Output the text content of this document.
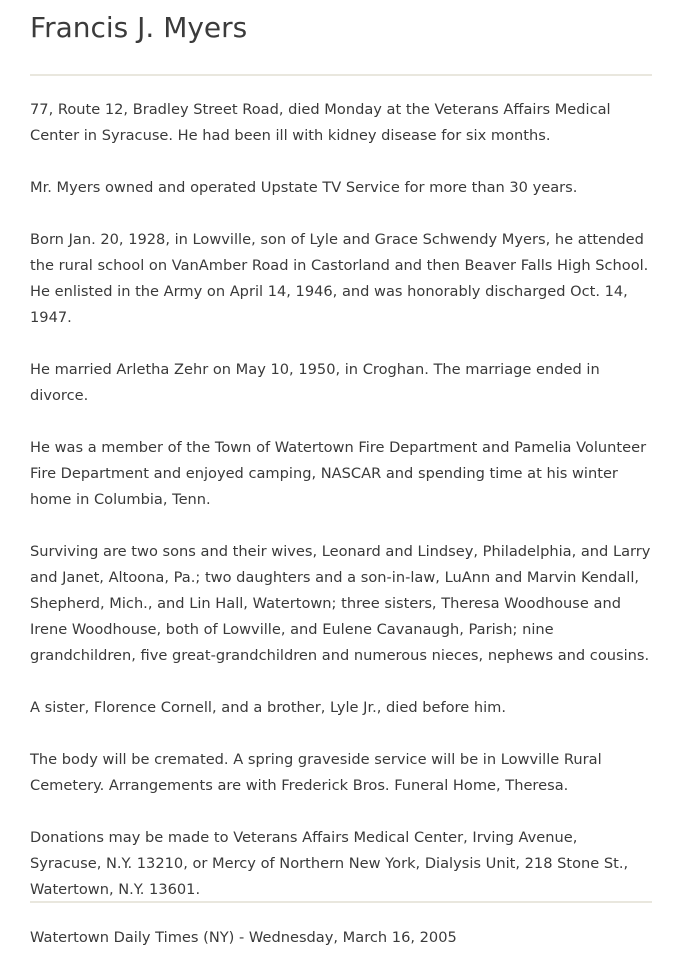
Francis J. Myers

77, Route 12, Bradley Street Road, died Monday at the Veterans Affairs Medical Center in Syracuse. He had been ill with kidney disease for six months.

Mr. Myers owned and operated Upstate TV Service for more than 30 years.

Born Jan. 20, 1928, in Lowville, son of Lyle and Grace Schwendy Myers, he attended the rural school on VanAmber Road in Castorland and then Beaver Falls High School. He enlisted in the Army on April 14, 1946, and was honorably discharged Oct. 14, 1947.

He married Arletha Zehr on May 10, 1950, in Croghan. The marriage ended in divorce.

He was a member of the Town of Watertown Fire Department and Pamelia Volunteer Fire Department and enjoyed camping, NASCAR and spending time at his winter home in Columbia, Tenn.

Surviving are two sons and their wives, Leonard and Lindsey, Philadelphia, and Larry and Janet, Altoona, Pa.; two daughters and a son-in-law, LuAnn and Marvin Kendall, Shepherd, Mich., and Lin Hall, Watertown; three sisters, Theresa Woodhouse and Irene Woodhouse, both of Lowville, and Eulene Cavanaugh, Parish; nine grandchildren, five great-grandchildren and numerous nieces, nephews and cousins.

A sister, Florence Cornell, and a brother, Lyle Jr., died before him.

The body will be cremated. A spring graveside service will be in Lowville Rural Cemetery. Arrangements are with Frederick Bros. Funeral Home, Theresa.

Donations may be made to Veterans Affairs Medical Center, Irving Avenue, Syracuse, N.Y. 13210, or Mercy of Northern New York, Dialysis Unit, 218 Stone St., Watertown, N.Y. 13601.

Watertown Daily Times (NY) - Wednesday, March 16, 2005
